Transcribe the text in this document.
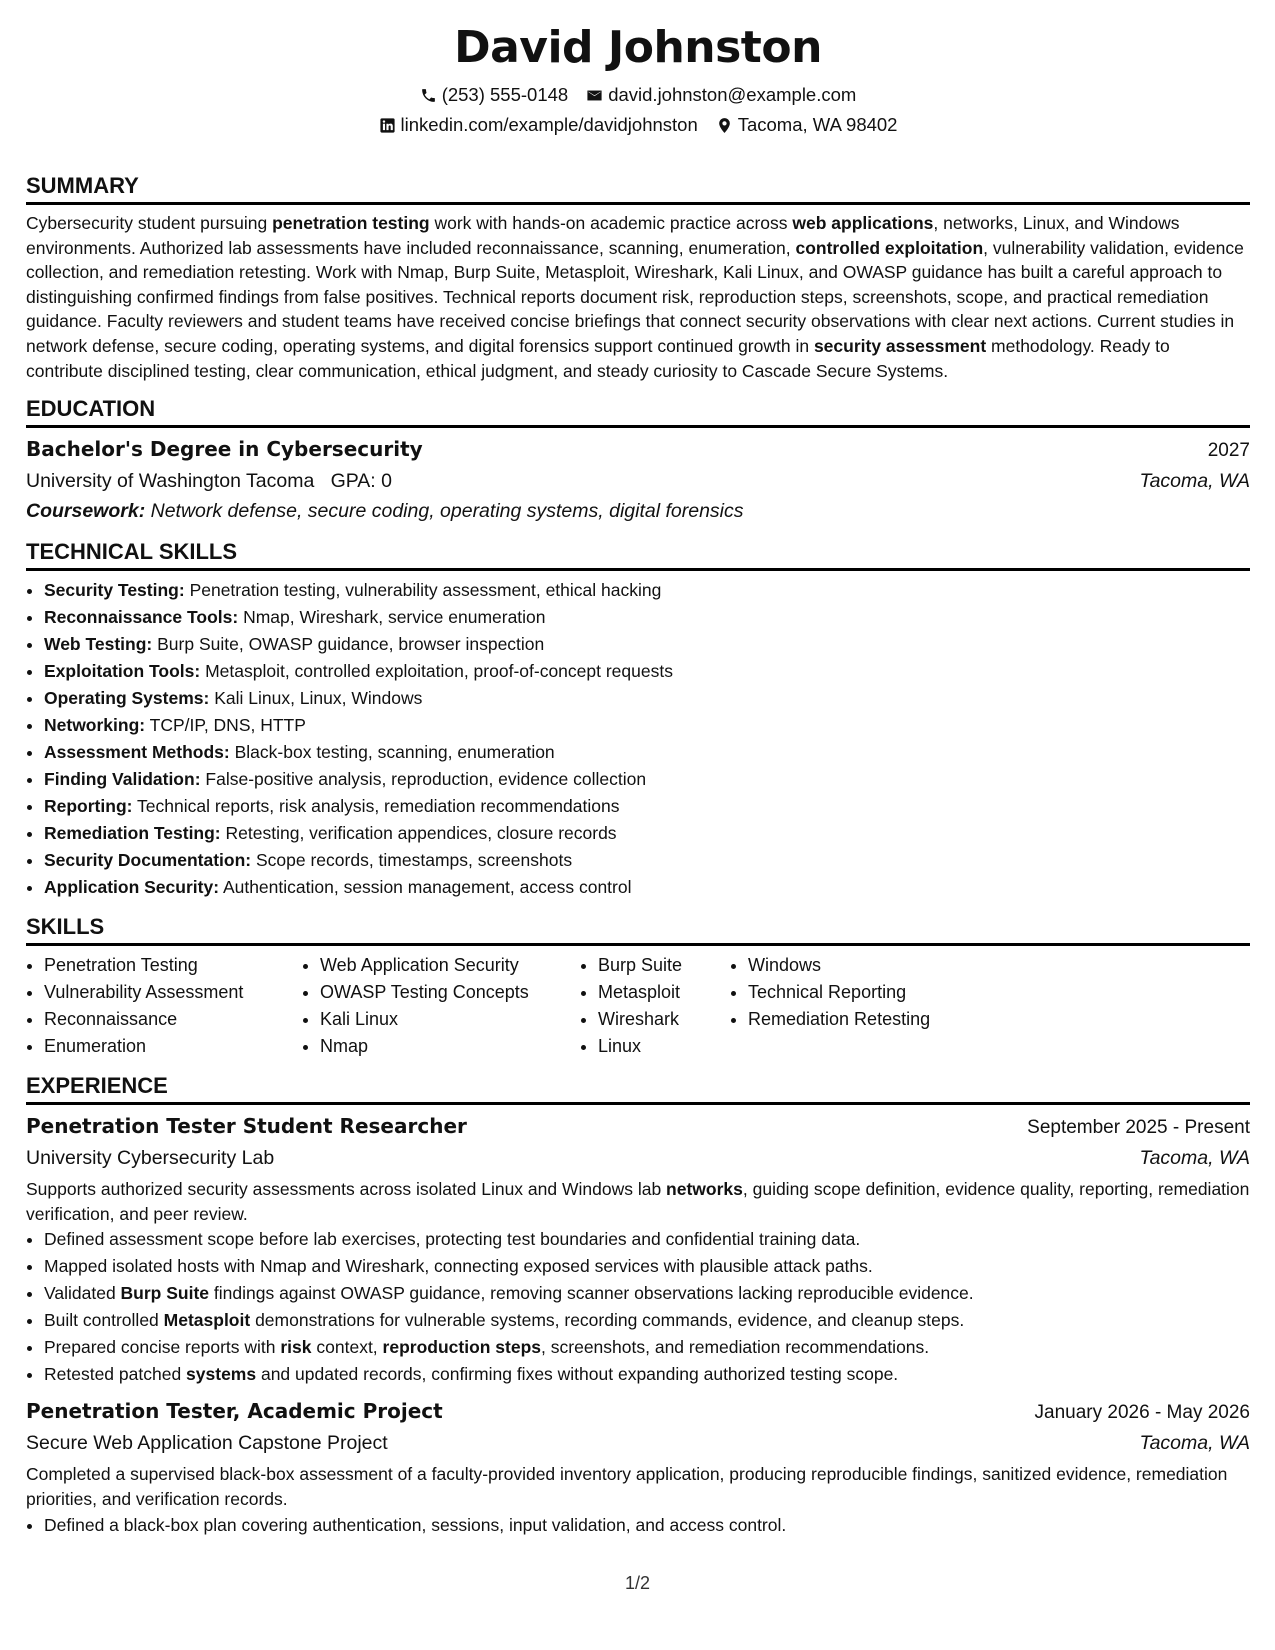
David Johnston
(253) 555-0148 david.johnston@example.com
linkedin.com/example/davidjohnston Tacoma, WA 98402
SUMMARY

Cybersecurity student pursuing penetration testing work with hands-on academic practice across web applications, networks, Linux, and Windows environments. Authorized lab assessments have included reconnaissance, scanning, enumeration, controlled exploitation, vulnerability validation, evidence collection, and remediation retesting. Work with Nmap, Burp Suite, Metasploit, Wireshark, Kali Linux, and OWASP guidance has built a careful approach to distinguishing confirmed findings from false positives. Technical reports document risk, reproduction steps, screenshots, scope, and practical remediation guidance. Faculty reviewers and student teams have received concise briefings that connect security observations with clear next actions. Current studies in network defense, secure coding, operating systems, and digital forensics support continued growth in security assessment methodology. Ready to contribute disciplined testing, clear communication, ethical judgment, and steady curiosity to Cascade Secure Systems.

EDUCATION
Bachelor's Degree in Cybersecurity	2027
University of Washington Tacoma GPA: 0	Tacoma, WA
Coursework: Network defense, secure coding, operating systems, digital forensics
TECHNICAL SKILLS
• Security Testing: Penetration testing, vulnerability assessment, ethical hacking
• Reconnaissance Tools: Nmap, Wireshark, service enumeration
• Web Testing: Burp Suite, OWASP guidance, browser inspection
• Exploitation Tools: Metasploit, controlled exploitation, proof-of-concept requests
• Operating Systems: Kali Linux, Linux, Windows
• Networking: TCP/IP, DNS, HTTP
• Assessment Methods: Black-box testing, scanning, enumeration
• Finding Validation: False-positive analysis, reproduction, evidence collection
• Reporting: Technical reports, risk analysis, remediation recommendations
• Remediation Testing: Retesting, verification appendices, closure records
• Security Documentation: Scope records, timestamps, screenshots
• Application Security: Authentication, session management, access control
SKILLS
• Penetration Testing
• Vulnerability Assessment
• Reconnaissance
• Enumeration
• Web Application Security
• OWASP Testing Concepts
• Kali Linux
• Nmap
• Burp Suite
• Metasploit
• Wireshark
• Linux
• Windows
• Technical Reporting
• Remediation Retesting
EXPERIENCE
Penetration Tester Student Researcher	September 2025 - Present
University Cybersecurity Lab	Tacoma, WA

Supports authorized security assessments across isolated Linux and Windows lab networks, guiding scope definition, evidence quality, reporting, remediation verification, and peer review.

• Defined assessment scope before lab exercises, protecting test boundaries and confidential training data.
• Mapped isolated hosts with Nmap and Wireshark, connecting exposed services with plausible attack paths.
• Validated Burp Suite findings against OWASP guidance, removing scanner observations lacking reproducible evidence.
• Built controlled Metasploit demonstrations for vulnerable systems, recording commands, evidence, and cleanup steps.
• Prepared concise reports with risk context, reproduction steps, screenshots, and remediation recommendations.
• Retested patched systems and updated records, confirming fixes without expanding authorized testing scope.
Penetration Tester, Academic Project	January 2026 - May 2026
Secure Web Application Capstone Project	Tacoma, WA

Completed a supervised black-box assessment of a faculty-provided inventory application, producing reproducible findings, sanitized evidence, remediation priorities, and verification records.

• Defined a black-box plan covering authentication, sessions, input validation, and access control.
1/2
